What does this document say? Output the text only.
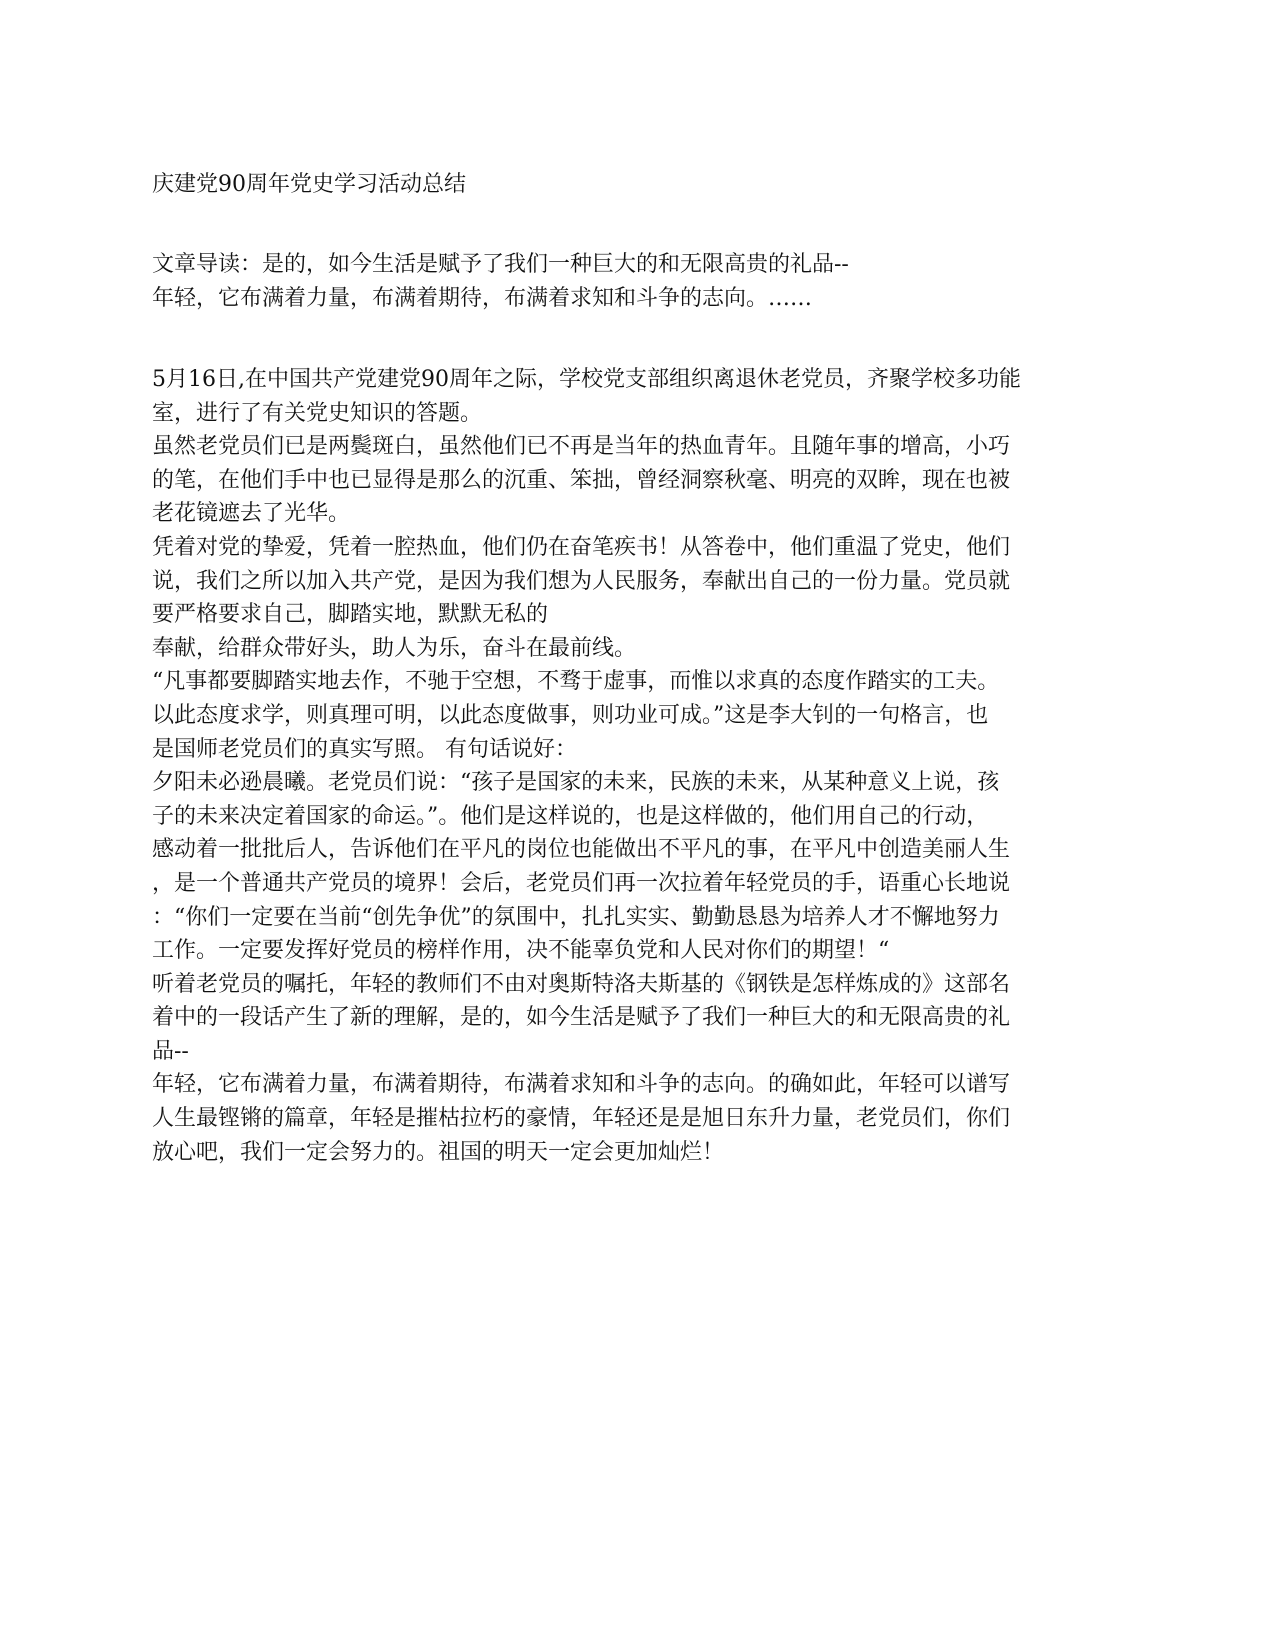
庆建党90周年党史学习活动总结
文章导读：是的，如今生活是赋予了我们一种巨大的和无限高贵的礼品--
年轻，它布满着力量，布满着期待，布满着求知和斗争的志向。……
5月16日,在中国共产党建党90周年之际，学校党支部组织离退休老党员，齐聚学校多功能
室，进行了有关党史知识的答题。
虽然老党员们已是两鬓斑白，虽然他们已不再是当年的热血青年。且随年事的增高，小巧
的笔，在他们手中也已显得是那么的沉重、笨拙，曾经洞察秋毫、明亮的双眸，现在也被
老花镜遮去了光华。
凭着对党的挚爱，凭着一腔热血，他们仍在奋笔疾书！从答卷中，他们重温了党史，他们
说，我们之所以加入共产党，是因为我们想为人民服务，奉献出自己的一份力量。党员就
要严格要求自己，脚踏实地，默默无私的
奉献，给群众带好头，助人为乐，奋斗在最前线。
“凡事都要脚踏实地去作，不驰于空想，不骛于虚事，而惟以求真的态度作踏实的工夫。
以此态度求学，则真理可明，以此态度做事，则功业可成。”这是李大钊的一句格言，也
是国师老党员们的真实写照。 有句话说好：
夕阳未必逊晨曦。老党员们说：“孩子是国家的未来，民族的未来，从某种意义上说，孩
子的未来决定着国家的命运。”。他们是这样说的，也是这样做的，他们用自己的行动，
感动着一批批后人，告诉他们在平凡的岗位也能做出不平凡的事，在平凡中创造美丽人生
，是一个普通共产党员的境界！会后，老党员们再一次拉着年轻党员的手，语重心长地说
：“你们一定要在当前“创先争优”的氛围中，扎扎实实、勤勤恳恳为培养人才不懈地努力
工作。一定要发挥好党员的榜样作用，决不能辜负党和人民对你们的期望！“
听着老党员的嘱托，年轻的教师们不由对奥斯特洛夫斯基的《钢铁是怎样炼成的》这部名
着中的一段话产生了新的理解，是的，如今生活是赋予了我们一种巨大的和无限高贵的礼
品--
年轻，它布满着力量，布满着期待，布满着求知和斗争的志向。的确如此，年轻可以谱写
人生最铿锵的篇章，年轻是摧枯拉朽的豪情，年轻还是是旭日东升力量，老党员们，你们
放心吧，我们一定会努力的。祖国的明天一定会更加灿烂！
